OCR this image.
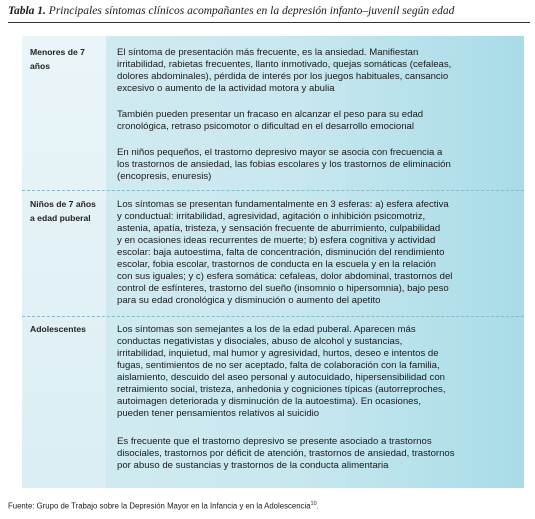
Tabla 1. Principales síntomas clínicos acompañantes en la depresión infanto–juvenil según edad
Menores de 7
años
El síntoma de presentación más frecuente, es la ansiedad. Manifiestan
irritabilidad, rabietas frecuentes, llanto inmotivado, quejas somáticas (cefaleas,
dolores abdominales), pérdida de interés por los juegos habituales, cansancio
excesivo o aumento de la actividad motora y abulia
También pueden presentar un fracaso en alcanzar el peso para su edad
cronológica, retraso psicomotor o dificultad en el desarrollo emocional
En niños pequeños, el trastorno depresivo mayor se asocia con frecuencia a
los trastornos de ansiedad, las fobias escolares y los trastornos de eliminación
(encopresis, enuresis)
Niños de 7 años
a edad puberal
Los síntomas se presentan fundamentalmente en 3 esferas: a) esfera afectiva
y conductual: irritabilidad, agresividad, agitación o inhibición psicomotriz,
astenia, apatía, tristeza, y sensación frecuente de aburrimiento, culpabilidad
y en ocasiones ideas recurrentes de muerte; b) esfera cognitiva y actividad
escolar: baja autoestima, falta de concentración, disminución del rendimiento
escolar, fobia escolar, trastornos de conducta en la escuela y en la relación
con sus iguales; y c) esfera somática: cefaleas, dolor abdominal, trastornos del
control de esfínteres, trastorno del sueño (insomnio o hipersomnia), bajo peso
para su edad cronológica y disminución o aumento del apetito
Adolescentes	Los síntomas son semejantes a los de la edad puberal. Aparecen más
conductas negativistas y disociales, abuso de alcohol y sustancias,
irritabilidad, inquietud, mal humor y agresividad, hurtos, deseo e intentos de
fugas, sentimientos de no ser aceptado, falta de colaboración con la familia,
aislamiento, descuido del aseo personal y autocuidado, hipersensibilidad con
retraimiento social, tristeza, anhedonia y cogniciones típicas (autorreproches,
autoimagen deteriorada y disminución de la autoestima). En ocasiones,
pueden tener pensamientos relativos al suicidio
Es frecuente que el trastorno depresivo se presente asociado a trastornos
disociales, trastornos por déficit de atención, trastornos de ansiedad, trastornos
por abuso de sustancias y trastornos de la conducta alimentaria
Fuente: Grupo de Trabajo sobre la Depresión Mayor en la Infancia y en la Adolescencia$^{10}$.
